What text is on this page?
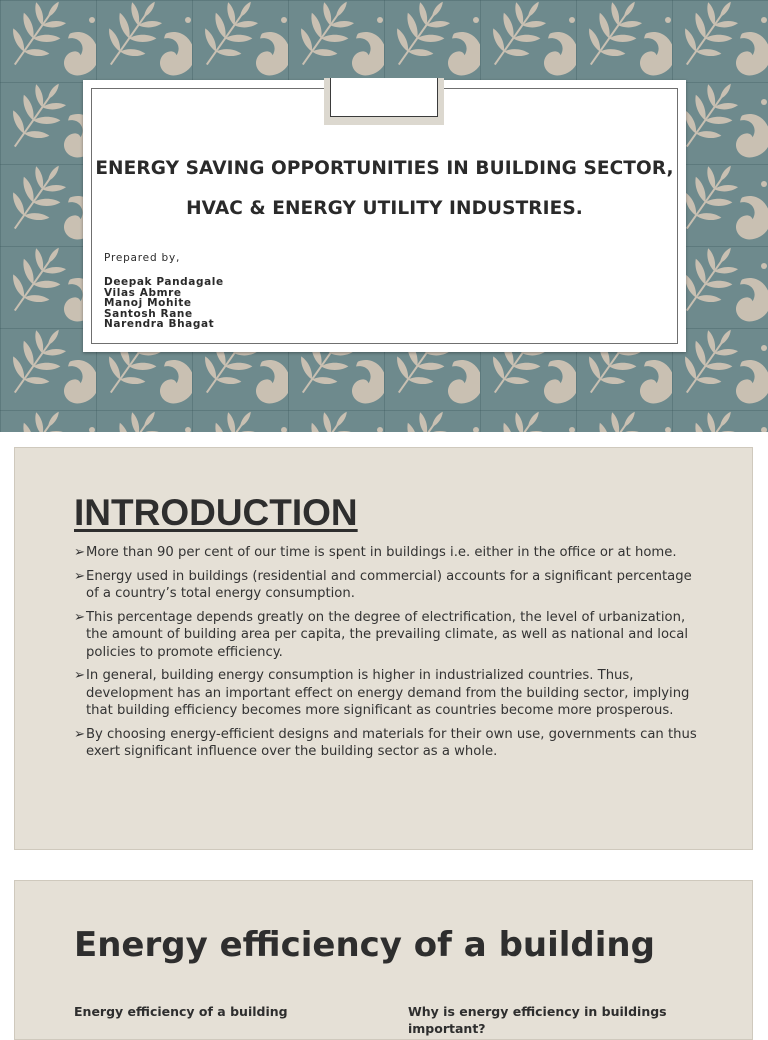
ENERGY SAVING OPPORTUNITIES IN BUILDING SECTOR,
HVAC & ENERGY UTILITY INDUSTRIES.
Prepared by,
Deepak Pandagale
Vilas Abmre
Manoj Mohite
Santosh Rane
Narendra Bhagat
INTRODUCTION
➢ More than 90 per cent of our time is spent in buildings i.e. either in the office or at home.
➢ Energy used in buildings (residential and commercial) accounts for a significant percentage of a country’s total energy consumption.
➢ This percentage depends greatly on the degree of electrification, the level of urbanization, the amount of building area per capita, the prevailing climate, as well as national and local policies to promote efficiency.
➢ In general, building energy consumption is higher in industrialized countries. Thus, development has an important effect on energy demand from the building sector, implying that building efficiency becomes more significant as countries become more prosperous.
➢ By choosing energy-efficient designs and materials for their own use, governments can thus exert significant influence over the building sector as a whole.
Energy efficiency of a building
Energy efficiency of a building	Why is energy efficiency in buildings important?
